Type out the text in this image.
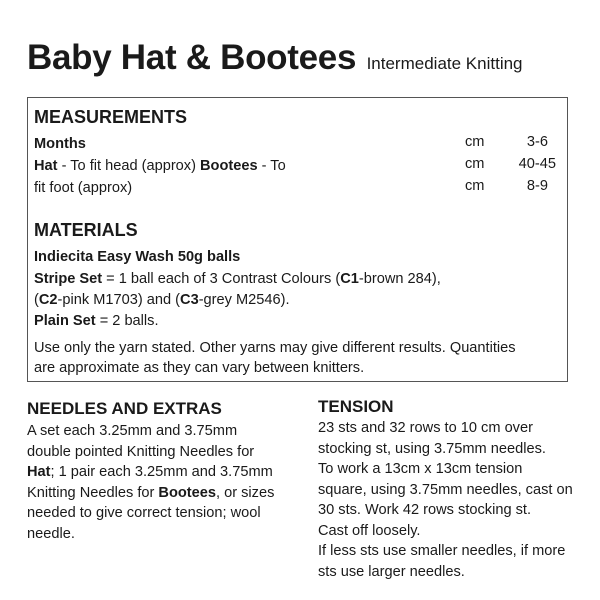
Baby Hat & Bootees Intermediate Knitting
MEASUREMENTS
Months
Hat - To fit head (approx) Bootees - To
fit foot (approx)
cm
cm
cm
3-6
40-45
8-9
MATERIALS
Indiecita Easy Wash 50g balls
Stripe Set = 1 ball each of 3 Contrast Colours (C1-brown 284),
(C2-pink M1703) and (C3-grey M2546).
Plain Set = 2 balls.
Use only the yarn stated. Other yarns may give different results. Quantities
are approximate as they can vary between knitters.
NEEDLES AND EXTRAS
A set each 3.25mm and 3.75mm
double pointed Knitting Needles for
Hat; 1 pair each 3.25mm and 3.75mm
Knitting Needles for Bootees, or sizes
needed to give correct tension; wool
needle.
TENSION
23 sts and 32 rows to 10 cm over
stocking st, using 3.75mm needles.
To work a 13cm x 13cm tension
square, using 3.75mm needles, cast on
30 sts. Work 42 rows stocking st.
Cast off loosely.
If less sts use smaller needles, if more
sts use larger needles.
